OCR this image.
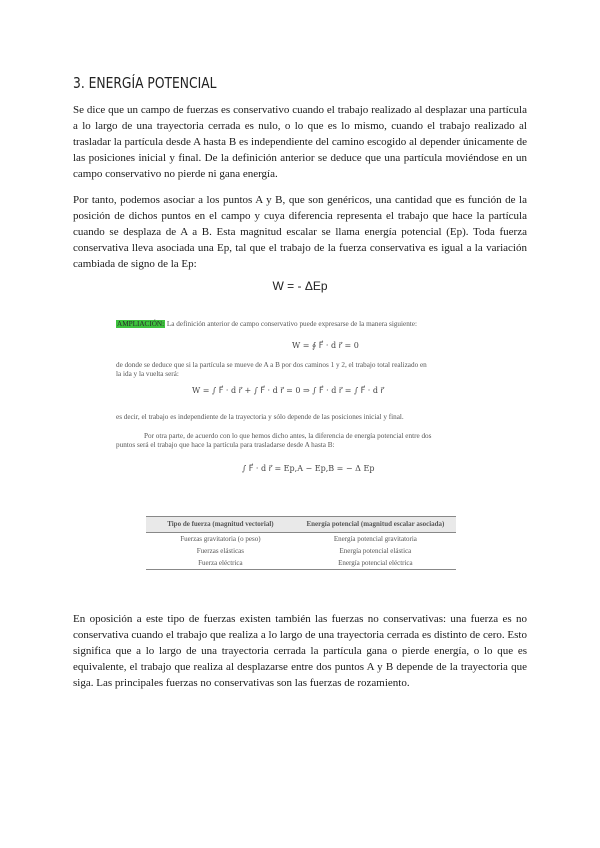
3. ENERGÍA POTENCIAL

Se dice que un campo de fuerzas es conservativo cuando el trabajo realizado al desplazar una partícula a lo largo de una trayectoria cerrada es nulo, o lo que es lo mismo, cuando el trabajo realizado al trasladar la partícula desde A hasta B es independiente del camino escogido al depender únicamente de las posiciones inicial y final. De la definición anterior se deduce que una partícula moviéndose en un campo conservativo no pierde ni gana energía.

Por tanto, podemos asociar a los puntos A y B, que son genéricos, una cantidad que es función de la posición de dichos puntos en el campo y cuya diferencia representa el trabajo que hace la partícula cuando se desplaza de A a B. Esta magnitud escalar se llama energía potencial (Ep). Toda fuerza conservativa lleva asociada una Ep, tal que el trabajo de la fuerza conservativa es igual a la variación cambiada de signo de la Ep:

W = - ΔEp
AMPLIACIÓN: La definición anterior de campo conservativo puede expresarse de la manera siguiente:
W = ∮ F⃗ · d r⃗ = 0
de donde se deduce que si la partícula se mueve de A a B por dos caminos 1 y 2, el trabajo total realizado en
la ida y la vuelta será:
W = ∫ F⃗ · d r⃗ + ∫ F⃗ · d r⃗ = 0 ⇒ ∫ F⃗ · d r⃗ = ∫ F⃗ · d r⃗
es decir, el trabajo es independiente de la trayectoria y sólo depende de las posiciones inicial y final.
Por otra parte, de acuerdo con lo que hemos dicho antes, la diferencia de energía potencial entre dos
puntos será el trabajo que hace la partícula para trasladarse desde A hasta B:
∫ F⃗ · d r⃗ = Ep,A − Ep,B = − Δ Ep
Tipo de fuerza (magnitud vectorial)	Energía potencial (magnitud escalar asociada)
Fuerzas gravitatoria (o peso)	Energía potencial gravitatoria
Fuerzas elásticas	Energía potencial elástica
Fuerza eléctrica	Energía potencial eléctrica

En oposición a este tipo de fuerzas existen también las fuerzas no conservativas: una fuerza es no conservativa cuando el trabajo que realiza a lo largo de una trayectoria cerrada es distinto de cero. Esto significa que a lo largo de una trayectoria cerrada la partícula gana o pierde energía, o lo que es equivalente, el trabajo que realiza al desplazarse entre dos puntos A y B depende de la trayectoria que siga. Las principales fuerzas no conservativas son las fuerzas de rozamiento.
